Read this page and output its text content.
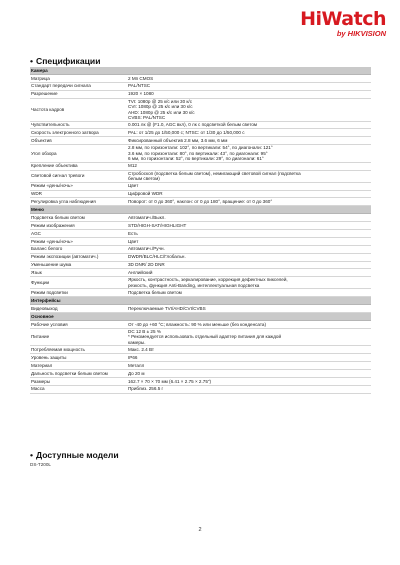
HiWatch
by HIKVISION
• Спецификации
Камера	
Матрица	2 Мп CMOS

Стандарт передачи сигнала	PAL/NTSC

Разрешение	1920 × 1080

Частота кадров	TVI: 1080p @ 25 к/с или 30 к/с
CVI: 1080p @ 25 к/с или 30 к/с
AHD: 1080p @ 25 к/с или 30 к/с
CVBS: PAL/NTSC

Чувствительность	0.001 лк @ (F1.0, AGC вкл), 0 лк с подсветкой белым светом

Скорость электронного затвора	PAL: от 1/25 до 1/50,000 с; NTSC: от 1/30 до 1/50,000 с

Объектив	Фиксированный объектив 2.8 мм, 3.6 мм, 6 мм

Угол обзора	2.8 мм, по горизонтали: 102°, по вертикали: 54°, по диагонали: 121°
3.6 мм, по горизонтали: 80°, по вертикали: 43°, по диагонали: 95°
6 мм, по горизонтали: 52°, по вертикали: 29°, по диагонали: 61°

Крепление объектива	M12

Световой сигнал тревоги	Стробоскоп (подсветка белым светом), немигающий световой сигнал (подсветка
белым светом)

Режим «день/ночь»	Цвет

WDR	Цифровой WDR

Регулировка угла наблюдения	Поворот: от 0 до 360°, наклон: от 0 до 180°, вращение: от 0 до 360°

Меню	
Подсветка белым светом	Автоматич./Выкл.

Режим изображения	STD/HIGH-SAT/HIGHLIGHT

AGC	Есть

Режим «день/ночь»	Цвет

Баланс белого	Автоматич./Ручн.

Режим экспозиции (автоматич.)	DWDR/BLC/HLC/Глобальн.

Уменьшение шума	3D DNR/ 2D DNR

Язык	Английский

Функции	Яркость, контрастность, зеркалирование, коррекция дефектных пикселей,
резкость, функция Anti-Banding, интеллектуальная подсветка

Режим подсветки	Подсветка белым светом

Интерфейсы	
Видеовыход	Переключаемые TVI/AHD/CVI/CVBS

Основное	
Рабочие условия	От -40 до +60 °C; влажность: 90 % или меньше (без конденсата)

Питание	DC 12 В ± 25 %
* Рекомендуется использовать отдельный адаптер питания для каждой
камеры.

Потребляемая мощность	Макс. 2.4 Вт

Уровень защиты	IP66

Материал	Металл

Дальность подсветки белым светом	До 20 м

Размеры	162.7 × 70 × 70 мм (6.41 × 2.75 × 2.75")

Масса	Приблиз. 256.5 г
• Доступные модели
DS-T200L
2
